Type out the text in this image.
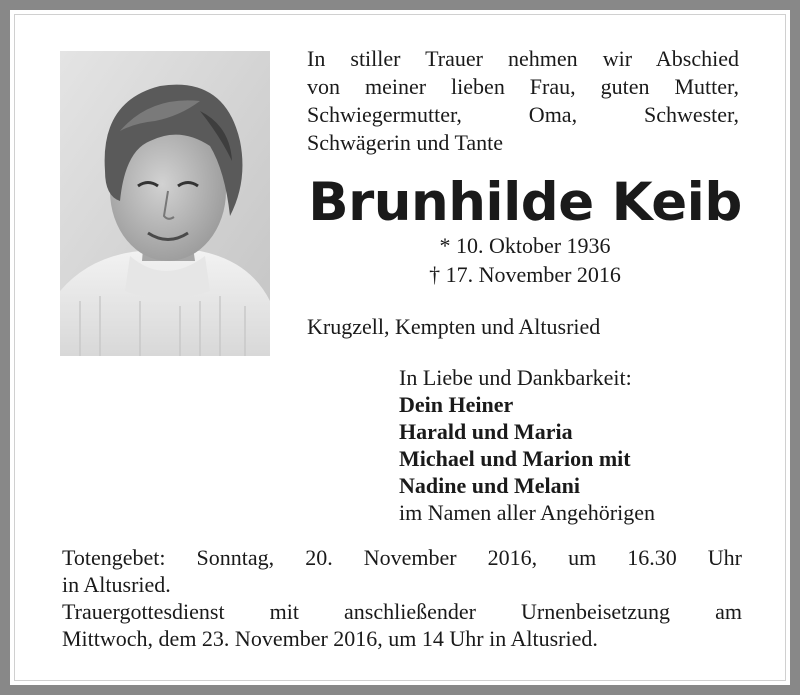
In stiller Trauer nehmen wir Abschied
von meiner lieben Frau, guten Mutter,
Schwiegermutter, Oma, Schwester,
Schwägerin und Tante
Brunhilde Keib
* 10. Oktober 1936
† 17. November 2016
Krugzell, Kempten und Altusried
In Liebe und Dankbarkeit:
Dein Heiner
Harald und Maria
Michael und Marion mit
Nadine und Melani
im Namen aller Angehörigen
Totengebet: Sonntag, 20. November 2016, um 16.30 Uhr
in Altusried.
Trauergottesdienst mit anschließender Urnenbeisetzung am
Mittwoch, dem 23. November 2016, um 14 Uhr in Altusried.
